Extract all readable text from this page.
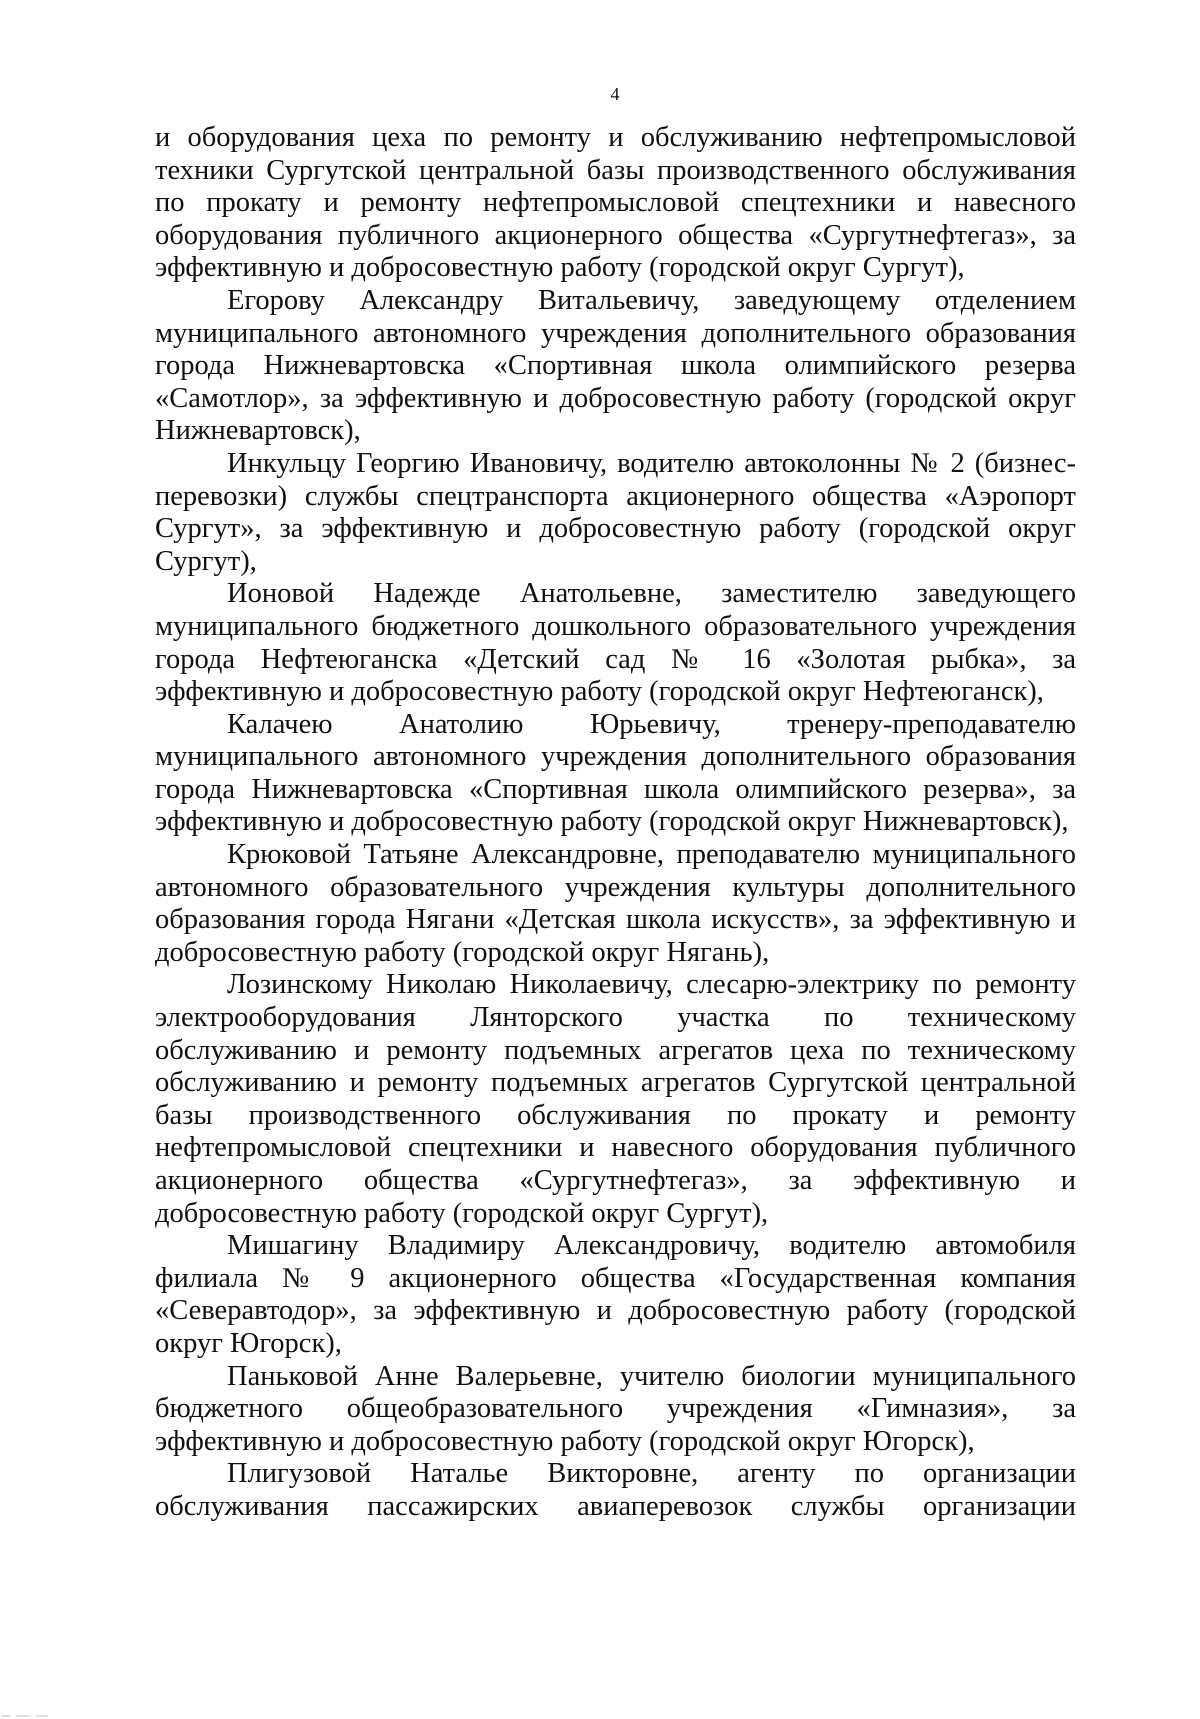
4

и оборудования цеха по ремонту и обслуживанию нефтепромысловой техники Сургутской центральной базы производственного обслуживания по прокату и ремонту нефтепромысловой спецтехники и навесного оборудования публичного акционерного общества «Сургутнефтегаз», за эффективную и добросовестную работу (городской округ Сургут),

Егорову Александру Витальевичу, заведующему отделением муниципального автономного учреждения дополнительного образования города Нижневартовска «Спортивная школа олимпийского резерва «Самотлор», за эффективную и добросовестную работу (городской округ Нижневартовск),

Инкульцу Георгию Ивановичу, водителю автоколонны № 2 (бизнес-перевозки) службы спецтранспорта акционерного общества «Аэропорт Сургут», за эффективную и добросовестную работу (городской округ Сургут),

Ионовой Надежде Анатольевне, заместителю заведующего муниципального бюджетного дошкольного образовательного учреждения города Нефтеюганска «Детский сад № 16 «Золотая рыбка», за эффективную и добросовестную работу (городской округ Нефтеюганск),

Калачею Анатолию Юрьевичу, тренеру-преподавателю муниципального автономного учреждения дополнительного образования города Нижневартовска «Спортивная школа олимпийского резерва», за эффективную и добросовестную работу (городской округ Нижневартовск),

Крюковой Татьяне Александровне, преподавателю муниципального автономного образовательного учреждения культуры дополнительного образования города Нягани «Детская школа искусств», за эффективную и добросовестную работу (городской округ Нягань),

Лозинскому Николаю Николаевичу, слесарю-электрику по ремонту электрооборудования Лянторского участка по техническому обслуживанию и ремонту подъемных агрегатов цеха по техническому обслуживанию и ремонту подъемных агрегатов Сургутской центральной базы производственного обслуживания по прокату и ремонту нефтепромысловой спецтехники и навесного оборудования публичного акционерного общества «Сургутнефтегаз», за эффективную и добросовестную работу (городской округ Сургут),

Мишагину Владимиру Александровичу, водителю автомобиля филиала № 9 акционерного общества «Государственная компания «Северавтодор», за эффективную и добросовестную работу (городской округ Югорск),

Паньковой Анне Валерьевне, учителю биологии муниципального бюджетного общеобразовательного учреждения «Гимназия», за эффективную и добросовестную работу (городской округ Югорск),

Плигузовой Наталье Викторовне, агенту по организации обслуживания пассажирских авиаперевозок службы организации
